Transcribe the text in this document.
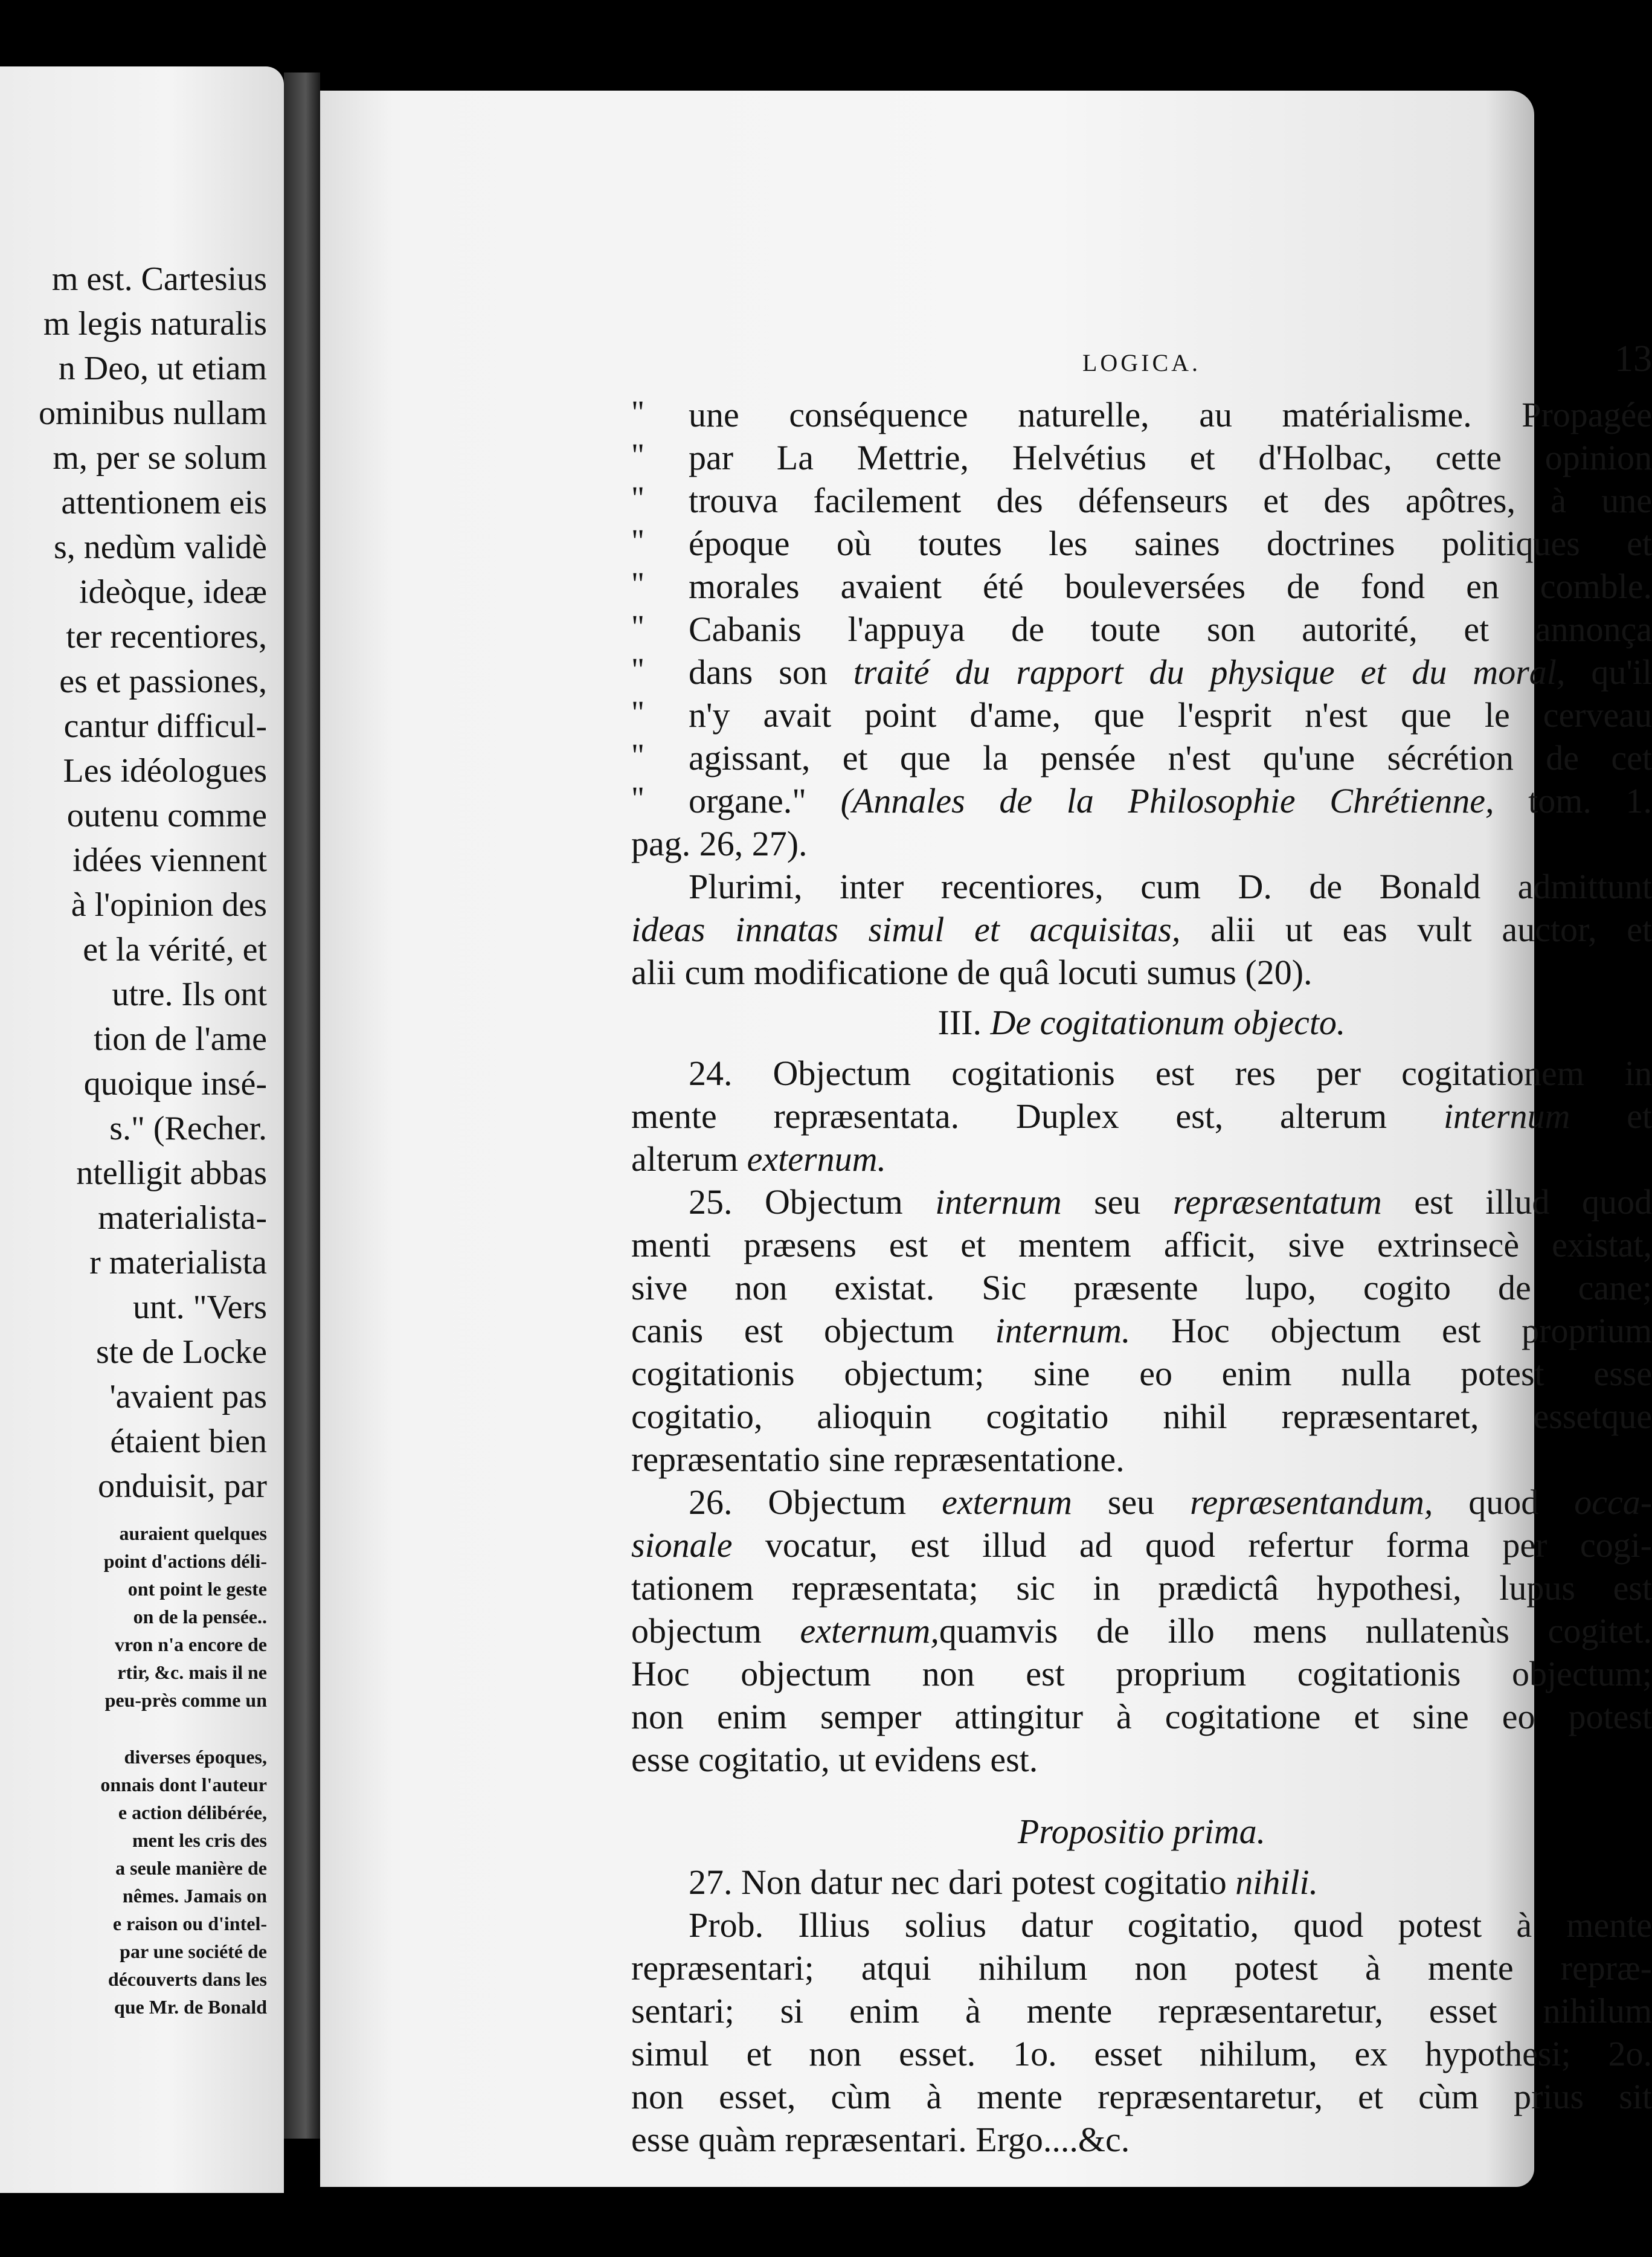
m est. Cartesius
m legis naturalis
n Deo, ut etiam
ominibus nullam
m, per se solum
attentionem eis
s, nedùm validè
ideòque, ideæ
ter recentiores,
es et passiones,
cantur difficul-
Les idéologues
outenu comme
idées viennent
à l'opinion des
et la vérité, et
utre. Ils ont
tion de l'ame
quoique insé-
s." (Recher.
ntelligit abbas
materialista-
r materialista
unt. "Vers
ste de Locke
'avaient pas
étaient bien
onduisit, par
auraient quelques
point d'actions déli-
ont point le geste
on de la pensée..
vron n'a encore de
rtir, &c. mais il ne
peu-près comme un
diverses époques,
onnais dont l'auteur
e action délibérée,
ment les cris des
a seule manière de
nêmes. Jamais on
e raison ou d'intel-
par une société de
découverts dans les
que Mr. de Bonald
LOGICA.	13
" une conséquence naturelle, au matérialisme. Propagée
" par La Mettrie, Helvétius et d'Holbac, cette opinion
" trouva facilement des défenseurs et des apôtres, à une
" époque où toutes les saines doctrines politiques et
" morales avaient été bouleversées de fond en comble.
" Cabanis l'appuya de toute son autorité, et annonça
" dans son traité du rapport du physique et du moral, qu'il
" n'y avait point d'ame, que l'esprit n'est que le cerveau
" agissant, et que la pensée n'est qu'une sécrétion de cet
" organe." (Annales de la Philosophie Chrétienne, tom. 1.
pag. 26, 27).
Plurimi, inter recentiores, cum D. de Bonald admittunt
ideas innatas simul et acquisitas, alii ut eas vult auctor, et
alii cum modificatione de quâ locuti sumus (20).
III. De cogitationum objecto.
24. Objectum cogitationis est res per cogitationem in
mente repræsentata. Duplex est, alterum internum et
alterum externum.
25. Objectum internum seu repræsentatum est illud quod
menti præsens est et mentem afficit, sive extrinsecè existat,
sive non existat. Sic præsente lupo, cogito de cane;
canis est objectum internum. Hoc objectum est proprium
cogitationis objectum; sine eo enim nulla potest esse
cogitatio, alioquin cogitatio nihil repræsentaret, essetque
repræsentatio sine repræsentatione.
26. Objectum externum seu repræsentandum, quod occa-
sionale vocatur, est illud ad quod refertur forma per cogi-
tationem repræsentata; sic in prædictâ hypothesi, lupus est
objectum externum,quamvis de illo mens nullatenùs cogitet.
Hoc objectum non est proprium cogitationis objectum;
non enim semper attingitur à cogitatione et sine eo potest
esse cogitatio, ut evidens est.
Propositio prima.
27. Non datur nec dari potest cogitatio nihili.
Prob. Illius solius datur cogitatio, quod potest à mente
repræsentari; atqui nihilum non potest à mente repræ-
sentari; si enim à mente repræsentaretur, esset nihilum
simul et non esset. 1o. esset nihilum, ex hypothesi; 2o.
non esset, cùm à mente repræsentaretur, et cùm prius sit
esse quàm repræsentari. Ergo....&c.
